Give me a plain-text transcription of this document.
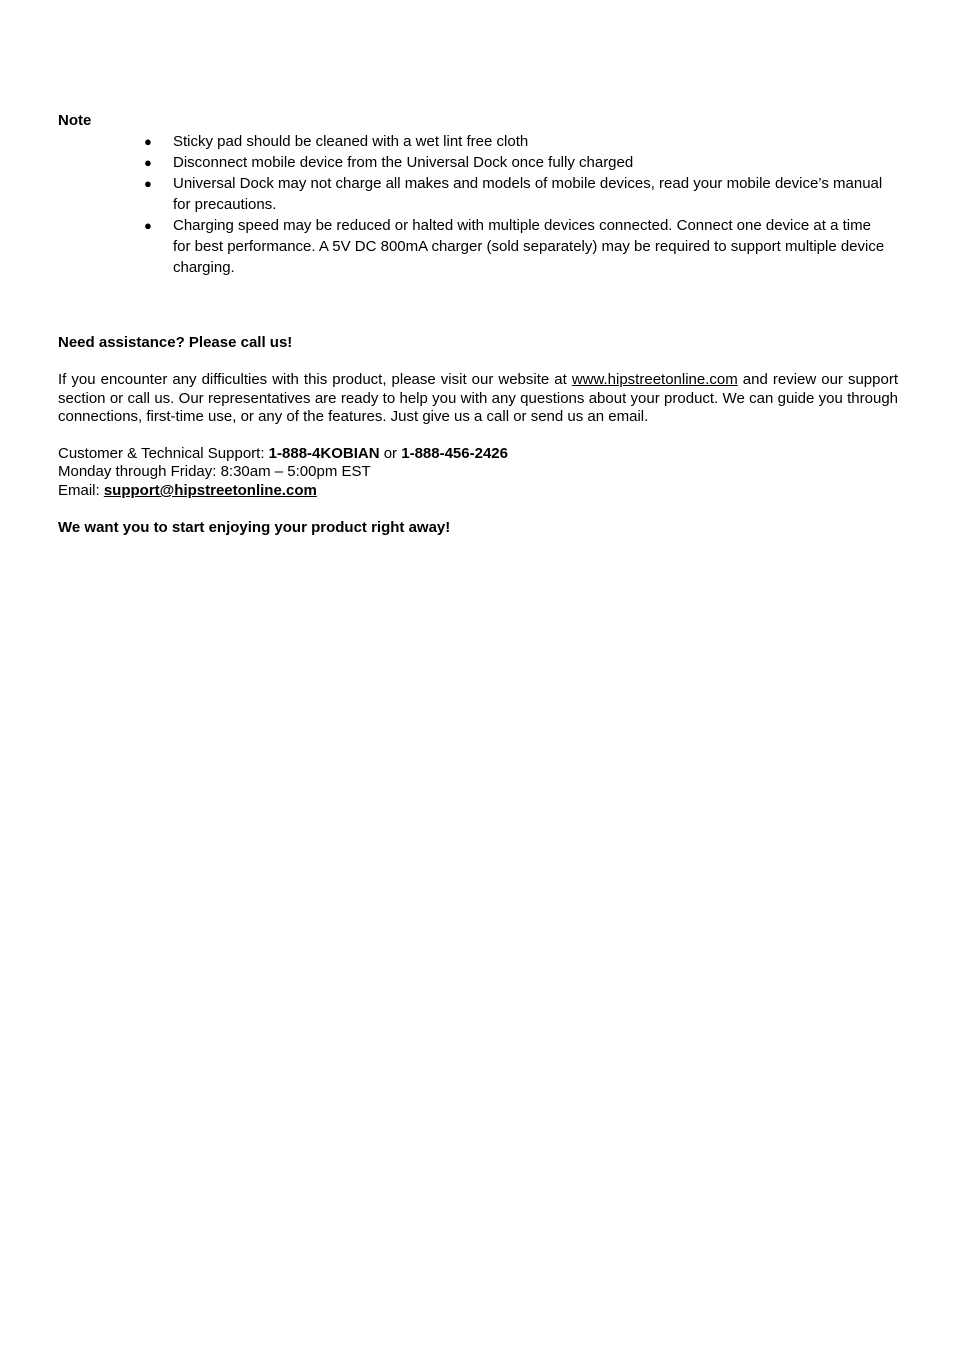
Note

● Sticky pad should be cleaned with a wet lint free cloth
● Disconnect mobile device from the Universal Dock once fully charged
● Universal Dock may not charge all makes and models of mobile devices, read your mobile device’s manual for precautions.
● Charging speed may be reduced or halted with multiple devices connected. Connect one device at a time for best performance. A 5V DC 800mA charger (sold separately) may be required to support multiple device charging.

Need assistance? Please call us!

If you encounter any difficulties with this product, please visit our website at www.hipstreetonline.com and review our support section or call us. Our representatives are ready to help you with any questions about your product. We can guide you through connections, first-time use, or any of the features. Just give us a call or send us an email.

Customer & Technical Support: 1-888-4KOBIAN or 1-888-456-2426

Monday through Friday: 8:30am – 5:00pm EST

Email: support@hipstreetonline.com

We want you to start enjoying your product right away!
